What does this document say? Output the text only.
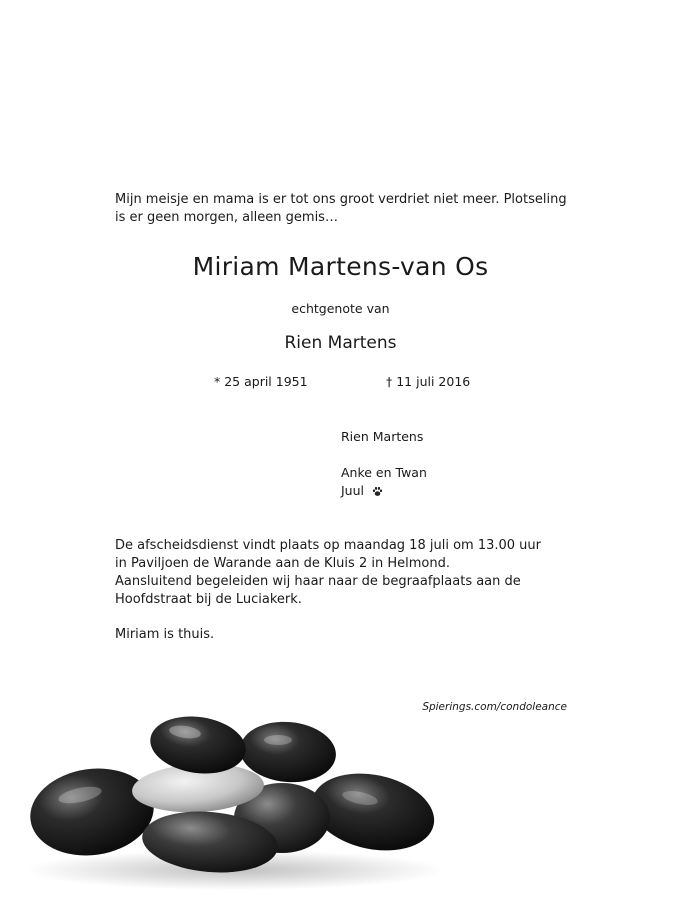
Mijn meisje en mama is er tot ons groot verdriet niet meer. Plotseling is er geen morgen, alleen gemis…
Miriam Martens-van Os
echtgenote van
Rien Martens
* 25 april 1951	† 11 juli 2016
Rien Martens
Anke en Twan
Juul
De afscheidsdienst vindt plaats op maandag 18 juli om 13.00 uur
in Paviljoen de Warande aan de Kluis 2 in Helmond.
Aansluitend begeleiden wij haar naar de begraafplaats aan de
Hoofdstraat bij de Luciakerk.
Miriam is thuis.
Spierings.com/condoleance
